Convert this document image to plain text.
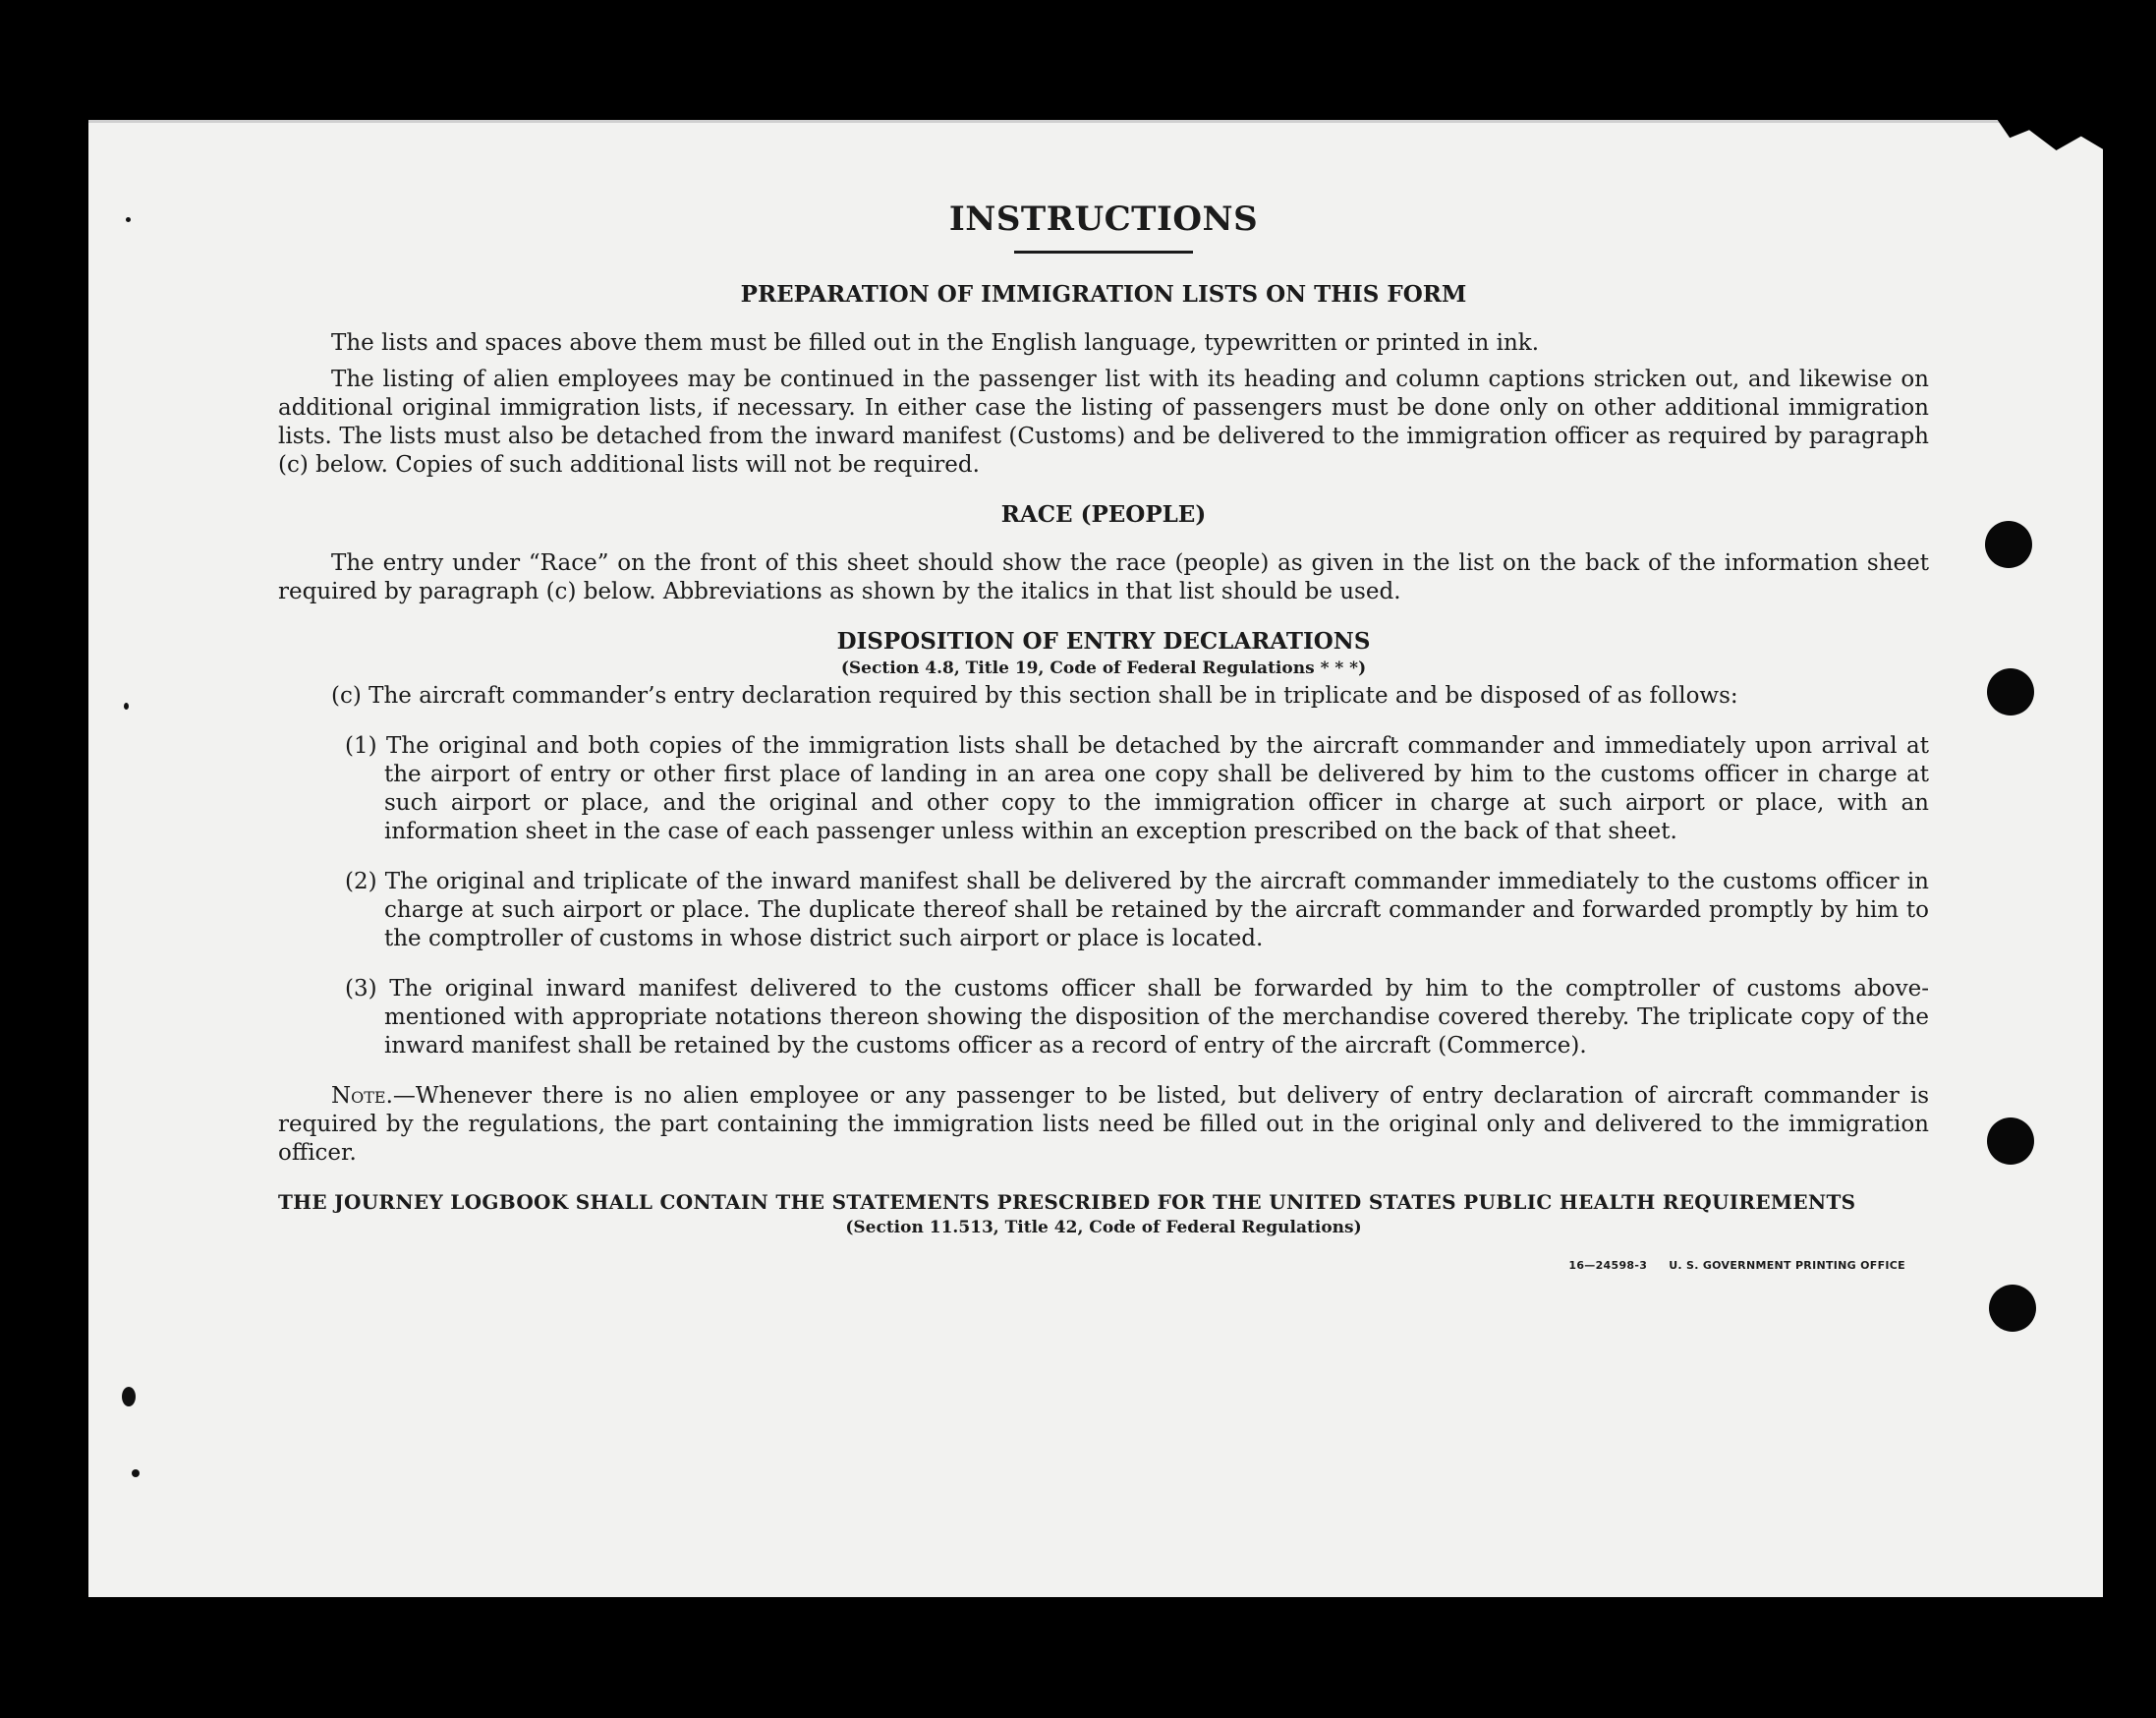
INSTRUCTIONS
PREPARATION OF IMMIGRATION LISTS ON THIS FORM

The lists and spaces above them must be filled out in the English language, typewritten or printed in ink.

The listing of alien employees may be continued in the passenger list with its heading and column captions stricken out, and likewise on additional original immigration lists, if necessary. In either case the listing of passengers must be done only on other additional immigration lists. The lists must also be detached from the inward manifest (Customs) and be delivered to the immigration officer as required by paragraph (c) below. Copies of such additional lists will not be required.

RACE (PEOPLE)

The entry under “Race” on the front of this sheet should show the race (people) as given in the list on the back of the information sheet required by paragraph (c) below. Abbreviations as shown by the italics in that list should be used.

DISPOSITION OF ENTRY DECLARATIONS
(Section 4.8, Title 19, Code of Federal Regulations * * *)

(c) The aircraft commander’s entry declaration required by this section shall be in triplicate and be disposed of as follows:

(1) The original and both copies of the immigration lists shall be detached by the aircraft commander and immediately upon arrival at the airport of entry or other first place of landing in an area one copy shall be delivered by him to the customs officer in charge at such airport or place, and the original and other copy to the immigration officer in charge at such airport or place, with an information sheet in the case of each passenger unless within an exception prescribed on the back of that sheet.

(2) The original and triplicate of the inward manifest shall be delivered by the aircraft commander immediately to the customs officer in charge at such airport or place. The duplicate thereof shall be retained by the aircraft commander and forwarded promptly by him to the comptroller of customs in whose district such airport or place is located.

(3) The original inward manifest delivered to the customs officer shall be forwarded by him to the comptroller of customs above-mentioned with appropriate notations thereon showing the disposition of the merchandise covered thereby. The triplicate copy of the inward manifest shall be retained by the customs officer as a record of entry of the aircraft (Commerce).

Note.—Whenever there is no alien employee or any passenger to be listed, but delivery of entry declaration of aircraft commander is required by the regulations, the part containing the immigration lists need be filled out in the original only and delivered to the immigration officer.

THE JOURNEY LOGBOOK SHALL CONTAIN THE STATEMENTS PRESCRIBED FOR THE UNITED STATES PUBLIC HEALTH REQUIREMENTS

(Section 11.513, Title 42, Code of Federal Regulations)
16—24598-3 U. S. GOVERNMENT PRINTING OFFICE
